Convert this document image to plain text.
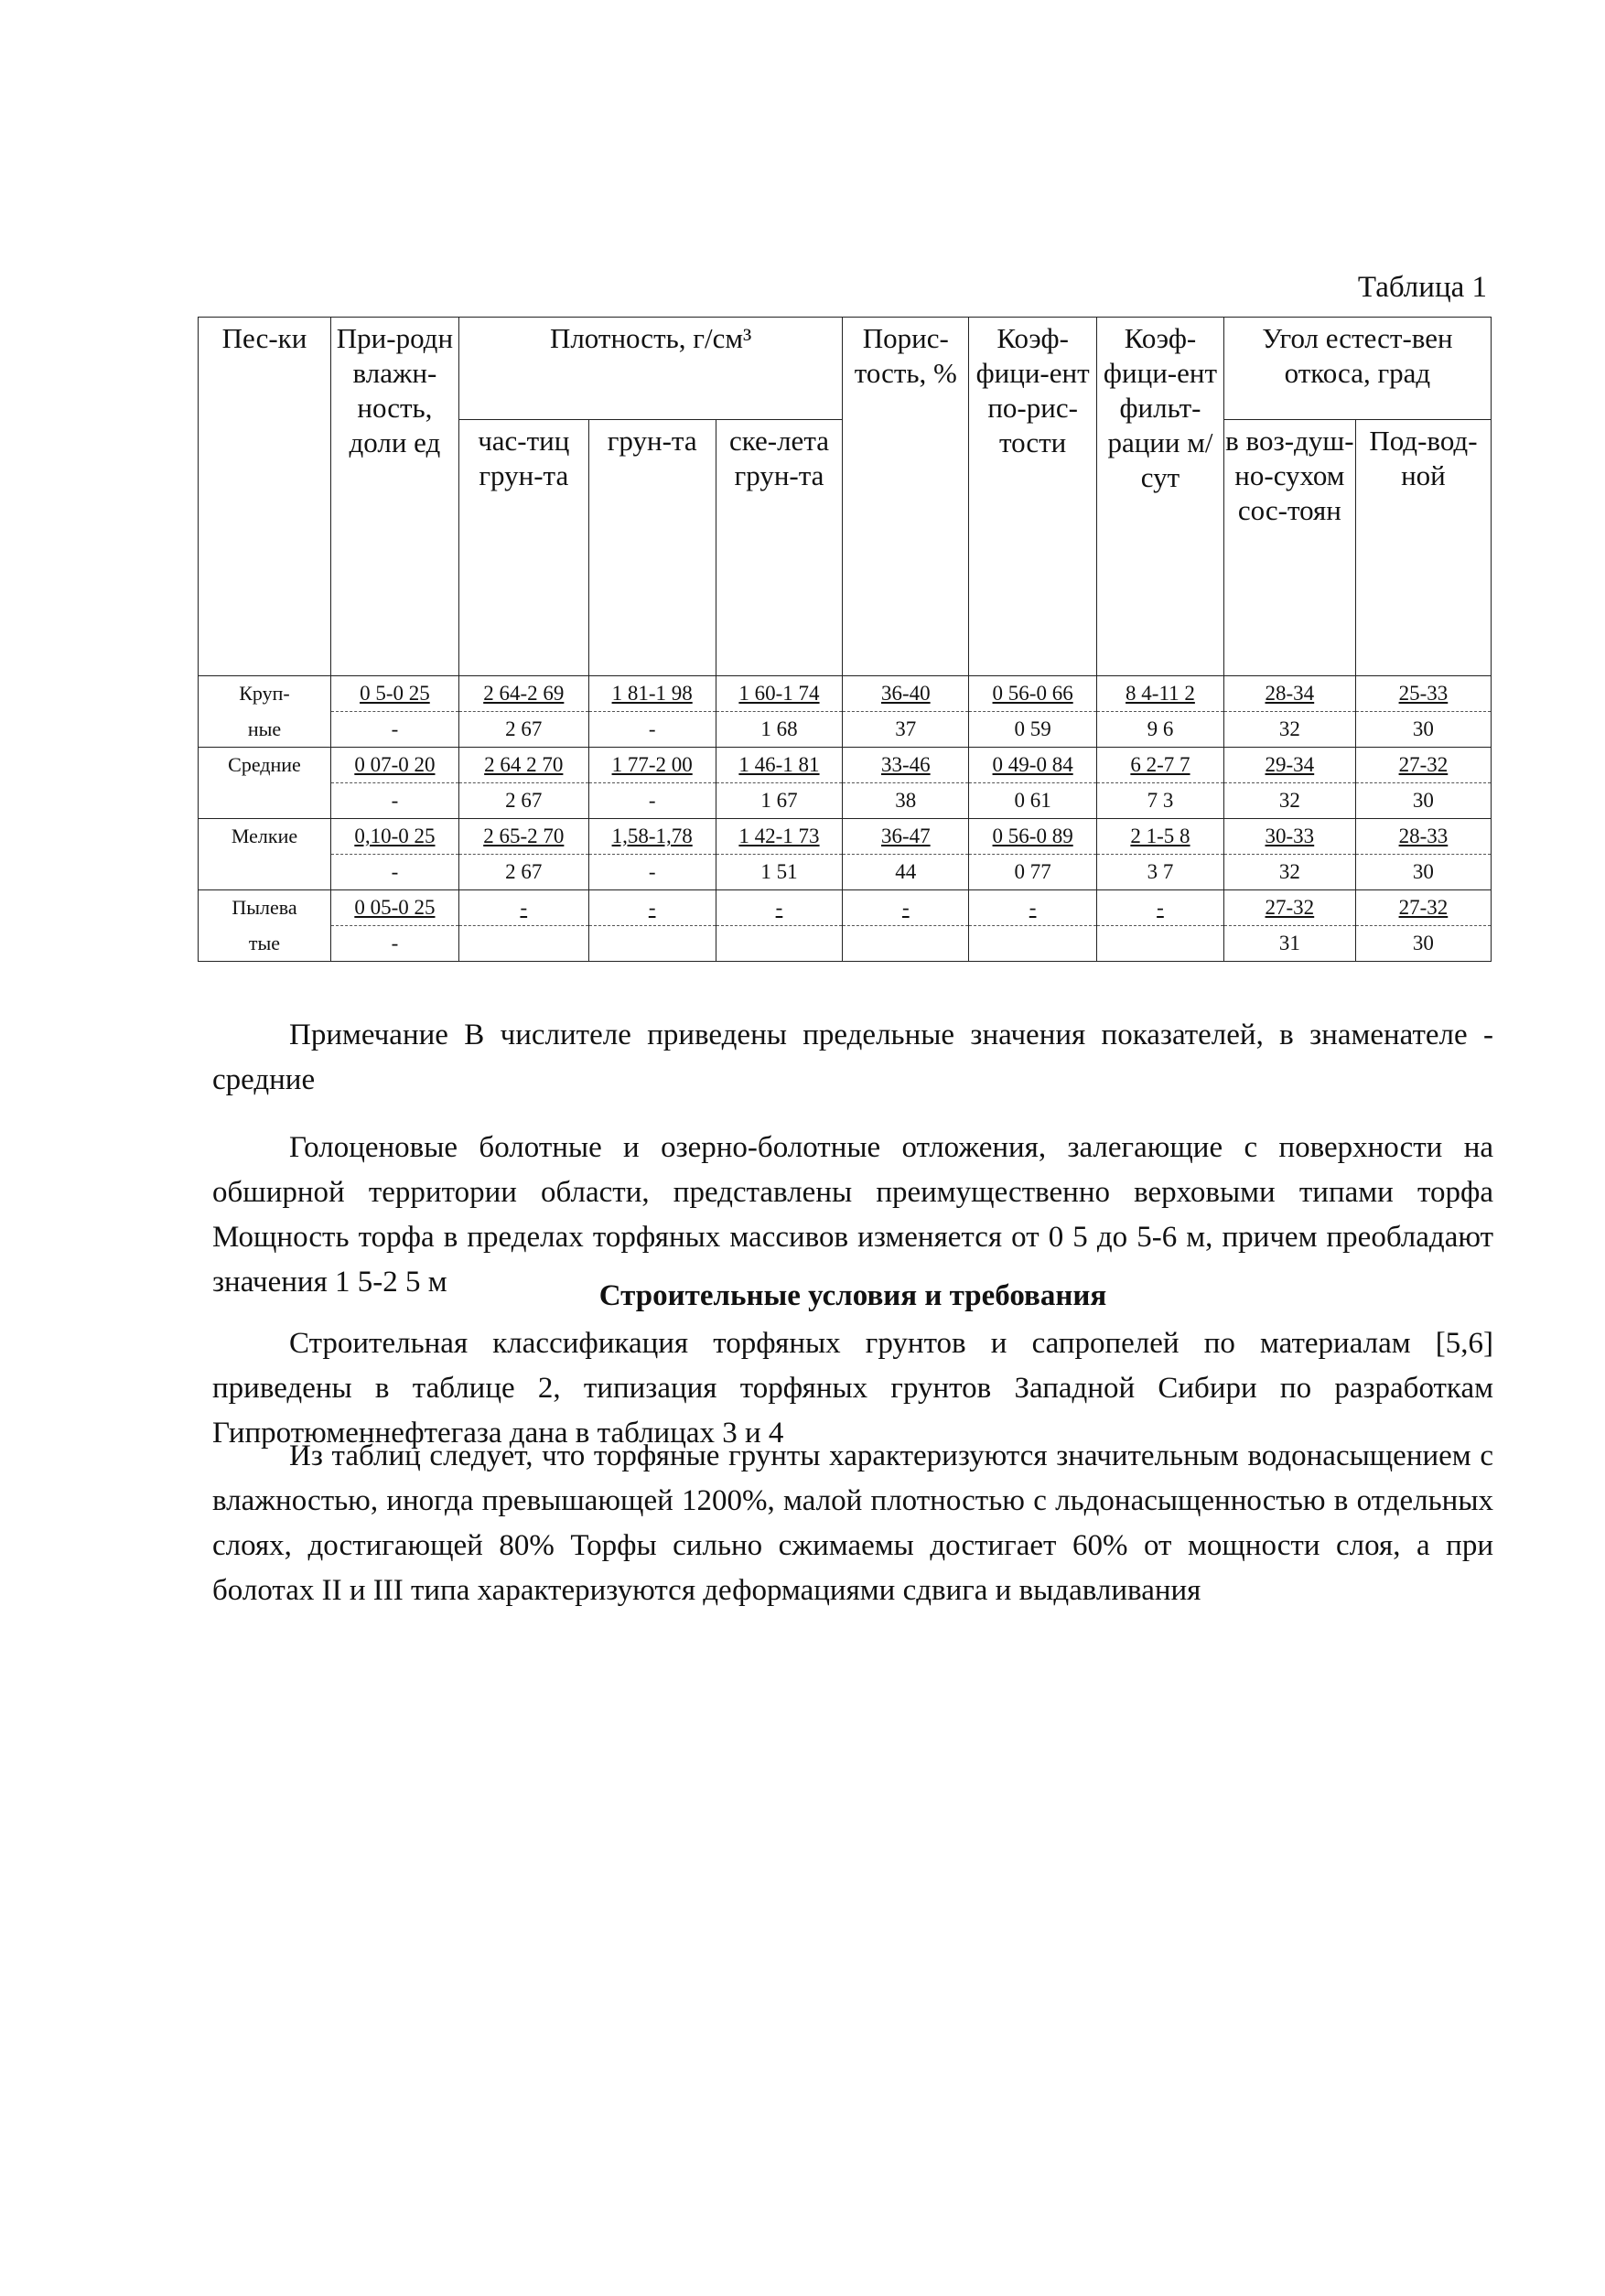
Таблица 1
Пес-ки	При-родн влажн-ность, доли ед	Плотность, г/см³			Порис-тость, %	Коэф-фици-ент по-рис-тости	Коэф-фици-ент фильт-рации м/сут	Угол естест-вен откоса, град	
		час-тиц грун-та	грун-та	ске-лета грун-та				в воз-душ-но-сухом сос-тоян	Под-вод-ной
Круп-	0 5-0 25	2 64-2 69	1 81-1 98	1 60-1 74	36-40	0 56-0 66	8 4-11 2	28-34	25-33
ные	-	2 67	-	1 68	37	0 59	9 6	32	30
Средние	0 07-0 20	2 64 2 70	1 77-2 00	1 46-1 81	33-46	0 49-0 84	6 2-7 7	29-34	27-32
	-	2 67	-	1 67	38	0 61	7 3	32	30
Мелкие	0,10-0 25	2 65-2 70	1,58-1,78	1 42-1 73	36-47	0 56-0 89	2 1-5 8	30-33	28-33
	-	2 67	-	1 51	44	0 77	3 7	32	30
Пылева	0 05-0 25	-	-	-	-	-	-	27-32	27-32
тые	-							31	30

Примечание В числителе приведены предельные значения показателей, в знаменателе - средние

Голоценовые болотные и озерно-болотные отложения, залегающие с поверхности на обширной территории области, представлены преимущественно верховыми типами торфа Мощность торфа в пределах торфяных массивов изменяется от 0 5 до 5-6 м, причем преобладают значения 1 5-2 5 м	Строительные условия и требования

Строительная классификация торфяных грунтов и сапропелей по материалам [5,6] приведены в таблице 2, типизация торфяных грунтов Западной Сибири по разработкам Гипротюменнефтегаза дана в таблицах 3 и 4

Из таблиц следует, что торфяные грунты характеризуются значительным водонасыщением с влажностью, иногда превышающей 1200%, малой плотностью с льдонасыщенностью в отдельных слоях, достигающей 80% Торфы сильно сжимаемы достигает 60% от мощности слоя, а при болотах II и III типа характеризуются деформациями сдвига и выдавливания
